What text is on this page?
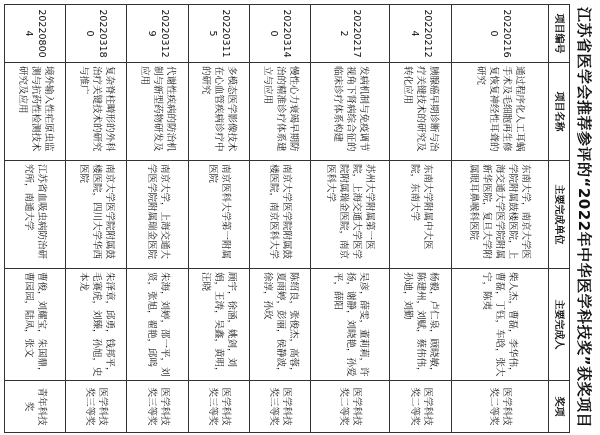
江苏省医学会推荐参评的“2022年中华医学科技奖”获奖项目
项目编号	项目名称	主要完成单位	主要完成人	奖项
202202160	通过程序化人工耳蜗手术及毛细胞再生修复恢复神经性耳聋的研究	东南大学，南京大学医学院附属鼓楼医院，上海交通大学医学院附属新华医院，复旦大学附属眼耳鼻喉科医院	柴人杰，曹磊，李华伟，曹磊，丁钰，车晗，张大宁，陈夷	医学科技奖二等奖
202202124	胰腺癌早期诊断与治疗关键技术的研究及转化应用	东南大学附属中大医院，东南大学	杨毅，卢仁泉，顾晓敏，陈建州，刘赋，蔡伟伟，孙迪，刘勤	医学科技奖二等奖
202202172	发病机制与免疫调节视角下肾病综合征的临床诊疗体系构建	苏州大学附属第一医院，上海交通大学医学院附属瑞金医院，南京医科大学	吴彦，薛雯，董莉莉，许扬，谢静，刘晓艳，孙爱平，薛阳	医学科技奖二等奖
202203140	慢性心力衰竭早期防治的精准诊疗体系建立与应用	南京大学医学院附属鼓楼医院，南京医科大学	陈绍良，张俊杰，高蓉，夏雨婷，彭丽，侯静波，徐淳，孙玫	医学科技奖三等奖
202203115	多模态医学影像技术在心血管疾病诊疗中的研究	南京医科大学第一附属医院	顾宇，徐涵，姚剑，刘娟，王涛，吴鑫，黄明，汪晓	医学科技奖三等奖
202203129	代谢性疾病的防治机制与新型药物研发及应用	南京大学，上海交通大学医学院附属瑞金医院	朱海，刘婷，邵一平，刘贤，张旭，翟艳，邱鸣	医学科技奖三等奖
202203180	复杂脊柱畸形的外科治疗关键技术的研究与推广	南京大学医学院附属鼓楼医院，四川大学华西医院	朱泽章，邱勇，钱邦平，毛赛虎，刘臻，孙旭，史本龙	医学科技奖三等奖
202208004	境外输入性疟原虫监测与抗药性检测技术研究及应用	江苏省血吸虫病防治研究所，南通大学	曹俊，刘耀宝，朱国鼎，曹园园，陆凤，张文	青年科技奖
